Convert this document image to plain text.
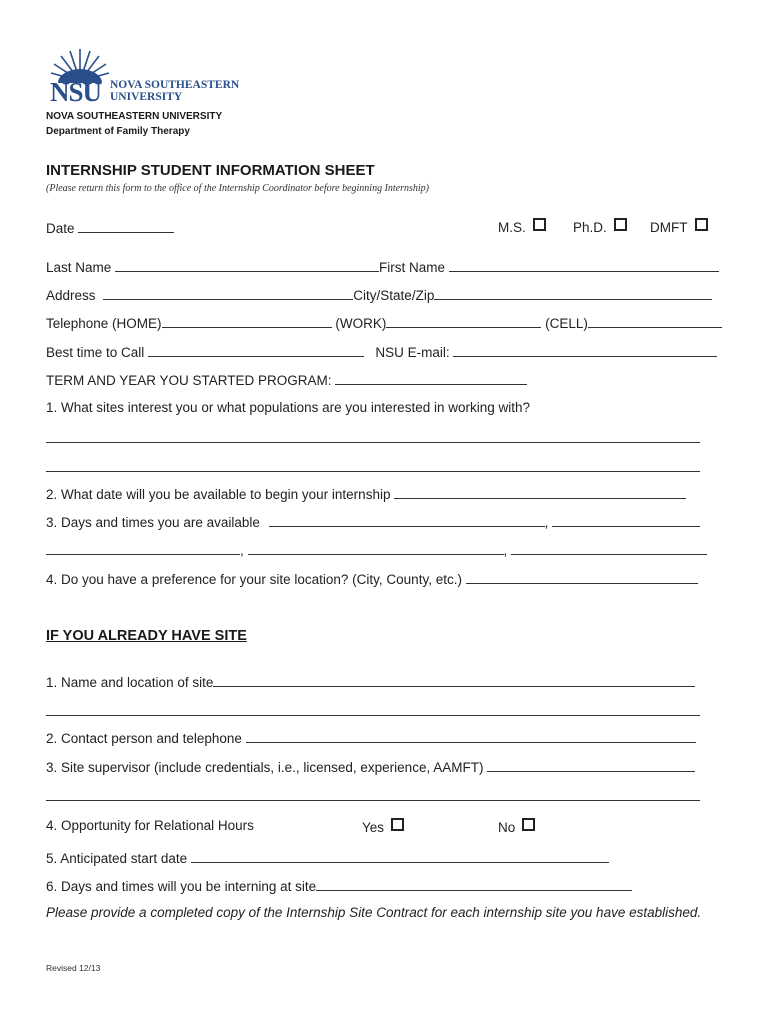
NSU NOVA SOUTHEASTERN
UNIVERSITY
NOVA SOUTHEASTERN UNIVERSITY
Department of Family Therapy
INTERNSHIP STUDENT INFORMATION SHEET
(Please return this form to the office of the Internship Coordinator before beginning Internship)
Date	M.S.	Ph.D.	DMFT
Last Name	First Name
Address	City/State/Zip
Telephone (HOME)	(WORK)	(CELL)
Best time to Call	NSU E-mail:
TERM AND YEAR YOU STARTED PROGRAM:
1. What sites interest you or what populations are you interested in working with?
2. What date will you be available to begin your internship
3. Days and times you are available	,
,	,
4. Do you have a preference for your site location? (City, County, etc.)
IF YOU ALREADY HAVE SITE
1. Name and location of site
2. Contact person and telephone
3. Site supervisor (include credentials, i.e., licensed, experience, AAMFT)
4. Opportunity for Relational Hours	Yes	No
5. Anticipated start date
6. Days and times will you be interning at site
Please provide a completed copy of the Internship Site Contract for each internship site you have established.
Revised 12/13
